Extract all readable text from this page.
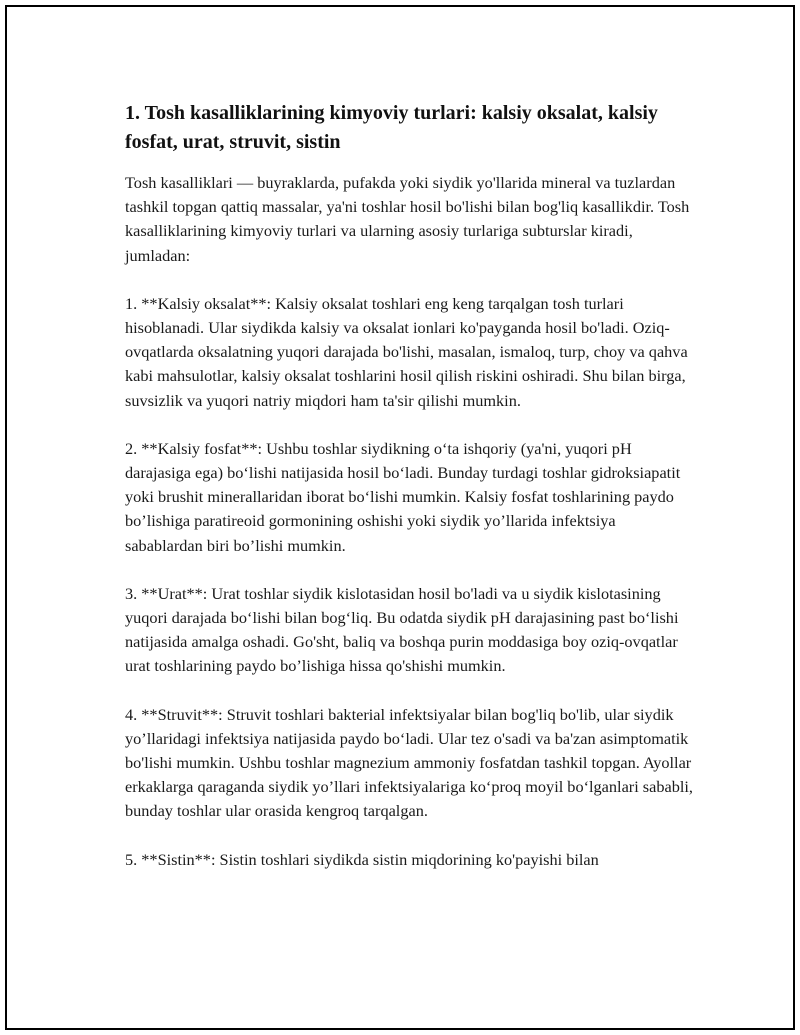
1. Tosh kasalliklarining kimyoviy turlari: kalsiy oksalat, kalsiy fosfat, urat, struvit, sistin

Tosh kasalliklari — buyraklarda, pufakda yoki siydik yo'llarida mineral va tuzlardan tashkil topgan qattiq massalar, ya'ni toshlar hosil bo'lishi bilan bog'liq kasallikdir. Tosh kasalliklarining kimyoviy turlari va ularning asosiy turlariga subturslar kiradi, jumladan:

1. **Kalsiy oksalat**: Kalsiy oksalat toshlari eng keng tarqalgan tosh turlari hisoblanadi. Ular siydikda kalsiy va oksalat ionlari ko'payganda hosil bo'ladi. Oziq-ovqatlarda oksalatning yuqori darajada bo'lishi, masalan, ismaloq, turp, choy va qahva kabi mahsulotlar, kalsiy oksalat toshlarini hosil qilish riskini oshiradi. Shu bilan birga, suvsizlik va yuqori natriy miqdori ham ta'sir qilishi mumkin.

2. **Kalsiy fosfat**: Ushbu toshlar siydikning oʻta ishqoriy (ya'ni, yuqori pH darajasiga ega) boʻlishi natijasida hosil boʻladi. Bunday turdagi toshlar gidroksiapatit yoki brushit minerallaridan iborat boʻlishi mumkin. Kalsiy fosfat toshlarining paydo boʼlishiga paratireoid gormonining oshishi yoki siydik yoʼllarida infektsiya sabablardan biri boʼlishi mumkin.

3. **Urat**: Urat toshlar siydik kislotasidan hosil bo'ladi va u siydik kislotasining yuqori darajada boʻlishi bilan bogʻliq. Bu odatda siydik pH darajasining past boʻlishi natijasida amalga oshadi. Go'sht, baliq va boshqa purin moddasiga boy oziq-ovqatlar urat toshlarining paydo boʼlishiga hissa qo'shishi mumkin.

4. **Struvit**: Struvit toshlari bakterial infektsiyalar bilan bog'liq bo'lib, ular siydik yoʼllaridagi infektsiya natijasida paydo boʻladi. Ular tez o'sadi va ba'zan asimptomatik bo'lishi mumkin. Ushbu toshlar magnezium ammoniy fosfatdan tashkil topgan. Ayollar erkaklarga qaraganda siydik yoʼllari infektsiyalariga koʻproq moyil boʻlganlari sababli, bunday toshlar ular orasida kengroq tarqalgan.

5. **Sistin**: Sistin toshlari siydikda sistin miqdorining ko'payishi bilan
